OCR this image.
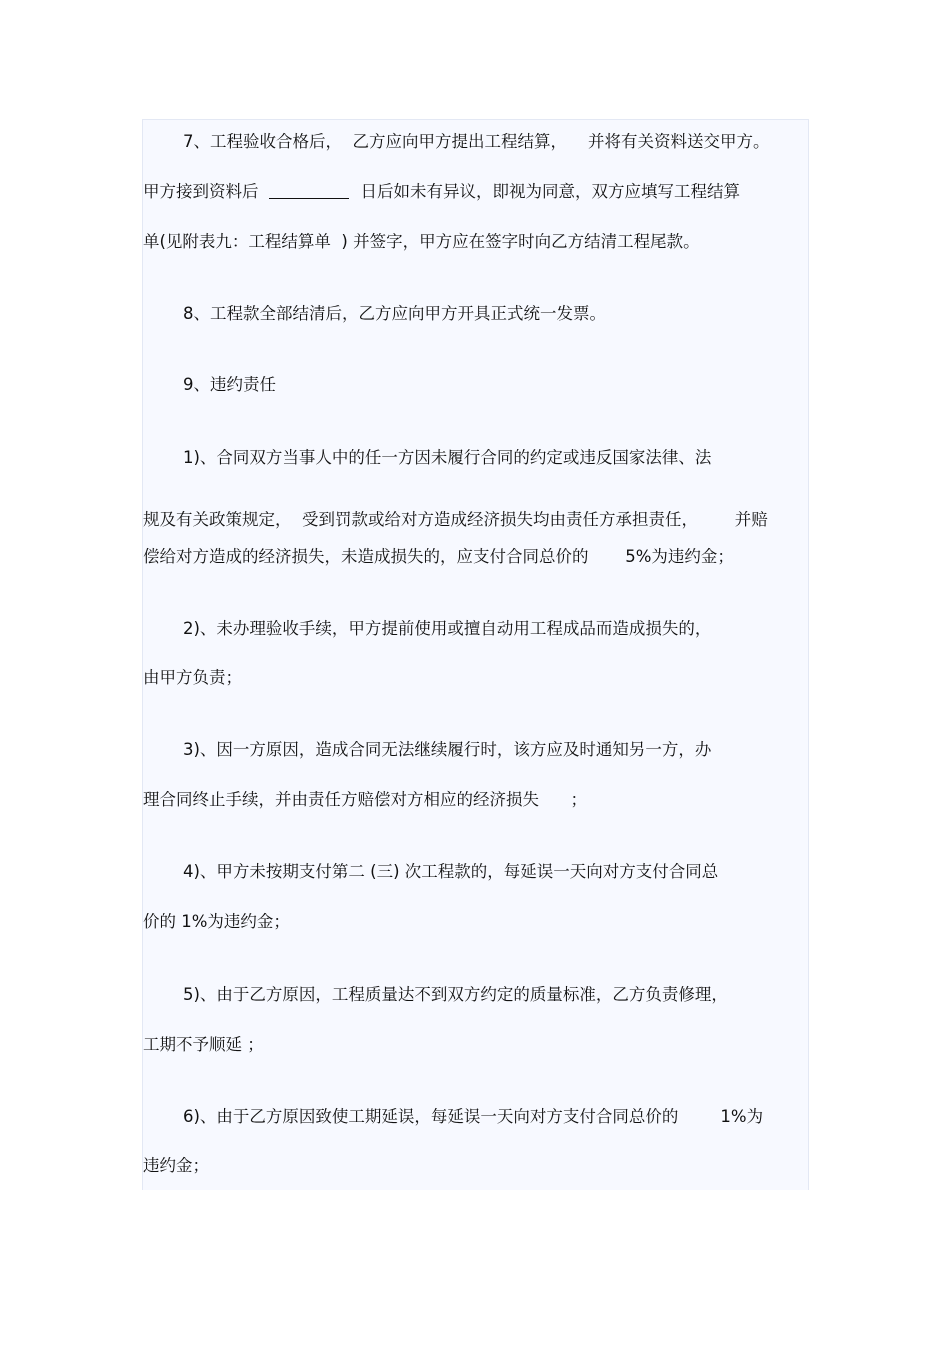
7、工程验收合格后，  乙方应向甲方提出工程结算，    并将有关资料送交甲方。
甲方接到资料后	日后如未有异议，即视为同意，双方应填写工程结算
单(见附表九：工程结算单  ) 并签字，甲方应在签字时向乙方结清工程尾款。
8、工程款全部结清后，乙方应向甲方开具正式统一发票。
9、违约责任
1)、合同双方当事人中的任一方因未履行合同的约定或违反国家法律、法
规及有关政策规定，  受到罚款或给对方造成经济损失均由责任方承担责任，       并赔
偿给对方造成的经济损失，未造成损失的，应支付合同总价的       5%为违约金；
2)、未办理验收手续，甲方提前使用或擅自动用工程成品而造成损失的，
由甲方负责；
3)、因一方原因，造成合同无法继续履行时，该方应及时通知另一方，办
理合同终止手续，并由责任方赔偿对方相应的经济损失      ；
4)、甲方未按期支付第二 (三) 次工程款的，每延误一天向对方支付合同总
价的 1%为违约金；
5)、由于乙方原因，工程质量达不到双方约定的质量标准，乙方负责修理，
工期不予顺延 ；
6)、由于乙方原因致使工期延误，每延误一天向对方支付合同总价的        1%为
违约金；
